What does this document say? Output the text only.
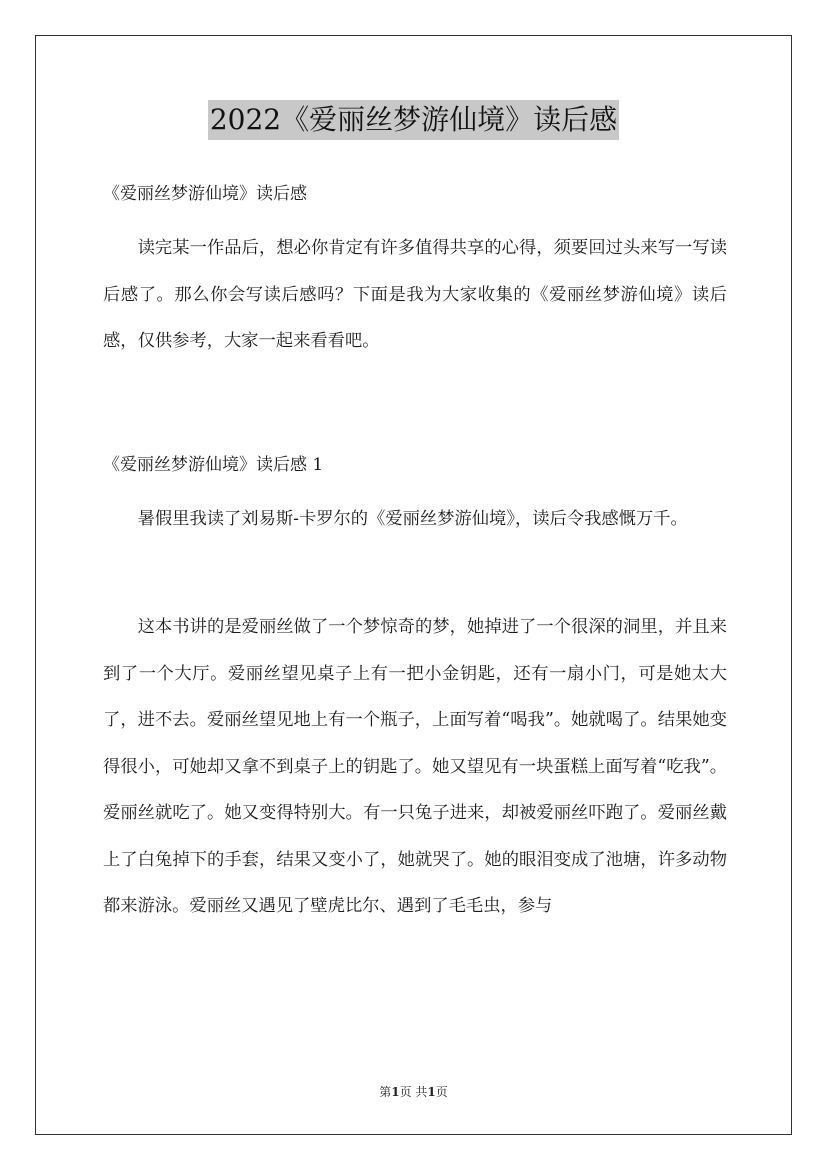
2022《爱丽丝梦游仙境》读后感
《爱丽丝梦游仙境》读后感

读完某一作品后，想必你肯定有许多值得共享的心得，须要回过头来写一写读后感了。那么你会写读后感吗？下面是我为大家收集的《爱丽丝梦游仙境》读后感，仅供参考，大家一起来看看吧。

《爱丽丝梦游仙境》读后感 1

暑假里我读了刘易斯-卡罗尔的《爱丽丝梦游仙境》，读后令我感慨万千。

这本书讲的是爱丽丝做了一个梦惊奇的梦，她掉进了一个很深的洞里，并且来到了一个大厅。爱丽丝望见桌子上有一把小金钥匙，还有一扇小门，可是她太大了，进不去。爱丽丝望见地上有一个瓶子，上面写着“喝我”。她就喝了。结果她变得很小，可她却又拿不到桌子上的钥匙了。她又望见有一块蛋糕上面写着“吃我”。爱丽丝就吃了。她又变得特别大。有一只兔子进来，却被爱丽丝吓跑了。爱丽丝戴上了白兔掉下的手套，结果又变小了，她就哭了。她的眼泪变成了池塘，许多动物都来游泳。爱丽丝又遇见了壁虎比尔、遇到了毛毛虫，参与

第1页 共1页
